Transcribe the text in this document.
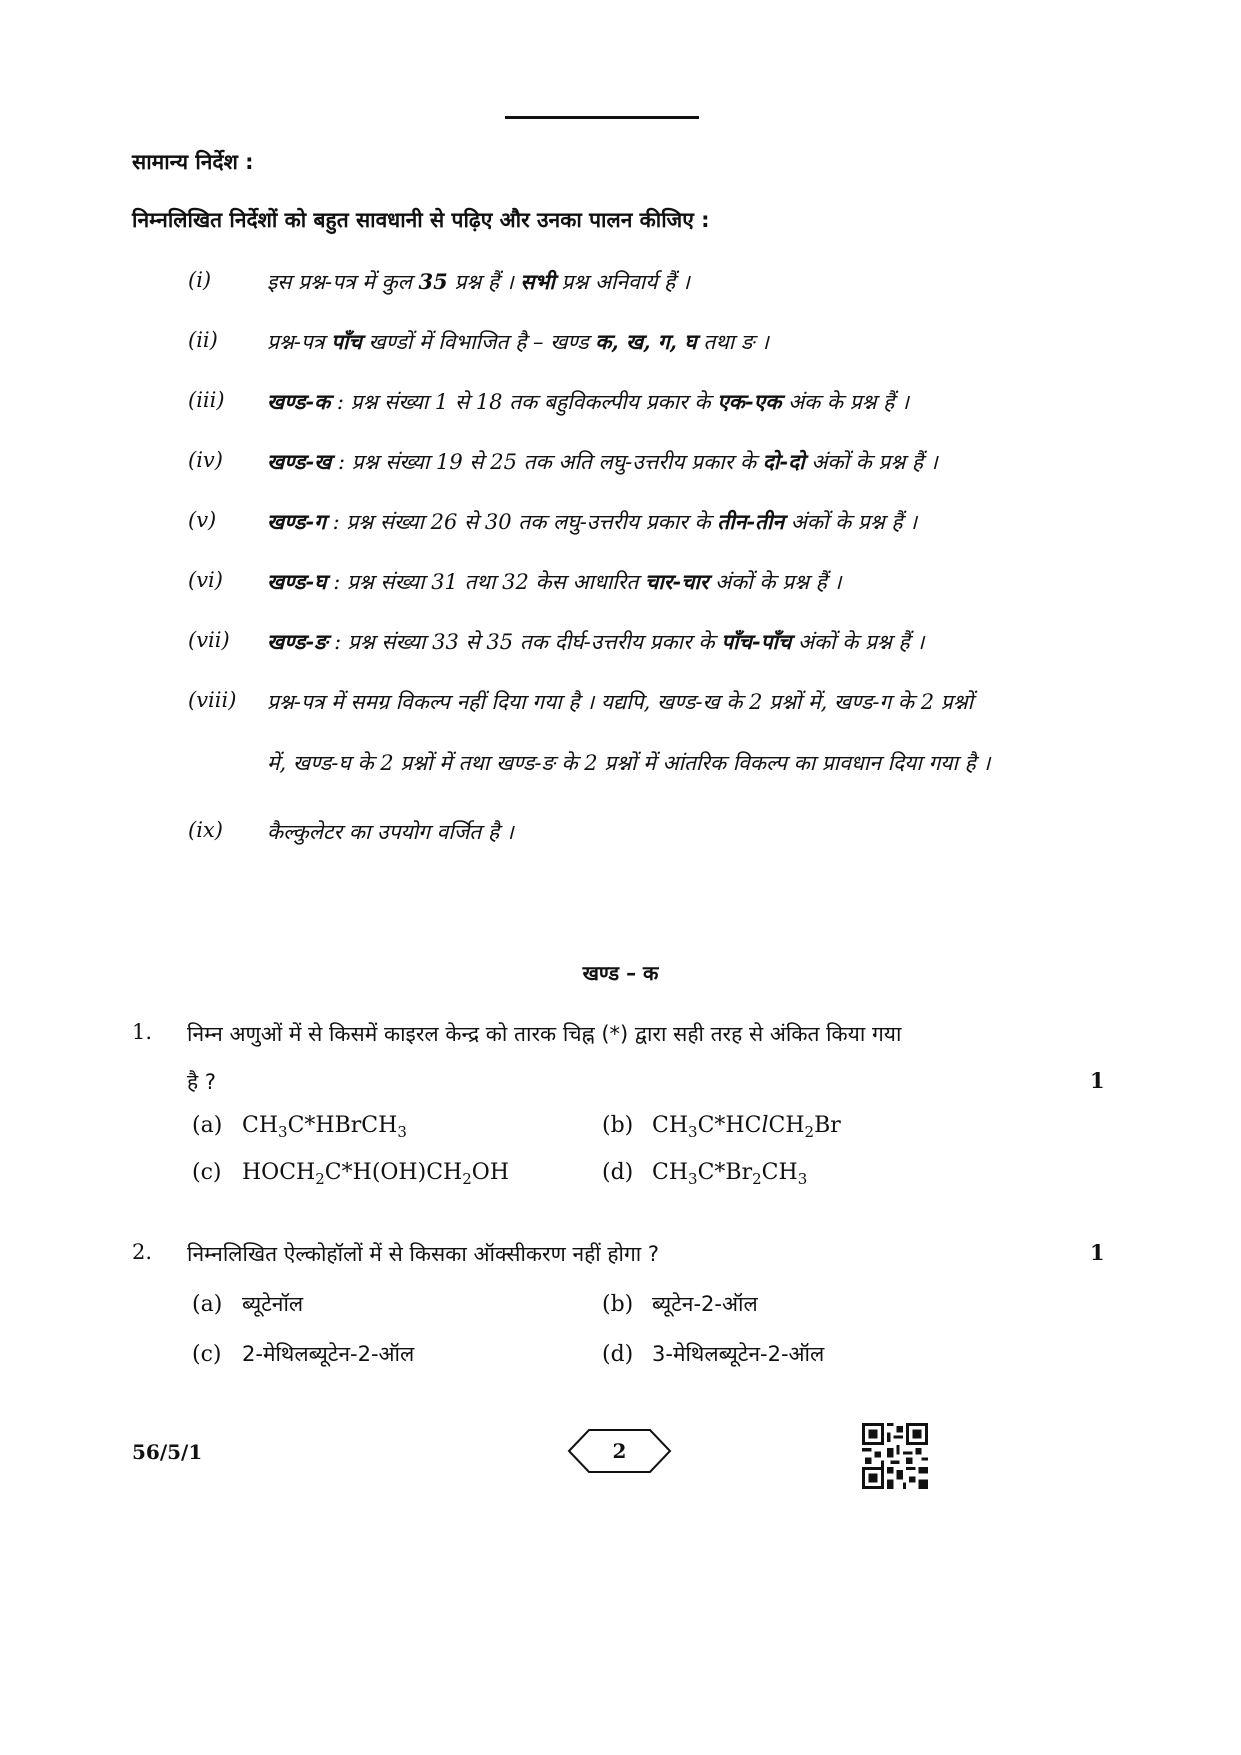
सामान्य निर्देश :
निम्नलिखित निर्देशों को बहुत सावधानी से पढ़िए और उनका पालन कीजिए :
(i)	इस प्रश्न-पत्र में कुल 35 प्रश्न हैं । सभी प्रश्न अनिवार्य हैं ।
(ii) प्रश्न-पत्र पाँच खण्डों में विभाजित है – खण्ड क, ख, ग, घ तथा ङ ।
(iii) खण्ड-क : प्रश्न संख्या 1 से 18 तक बहुविकल्पीय प्रकार के एक-एक अंक के प्रश्न हैं ।
(iv) खण्ड-ख : प्रश्न संख्या 19 से 25 तक अति लघु-उत्तरीय प्रकार के दो-दो अंकों के प्रश्न हैं ।
(v) खण्ड-ग : प्रश्न संख्या 26 से 30 तक लघु-उत्तरीय प्रकार के तीन-तीन अंकों के प्रश्न हैं ।
(vi) खण्ड-घ : प्रश्न संख्या 31 तथा 32 केस आधारित चार-चार अंकों के प्रश्न हैं ।
(vii) खण्ड-ङ : प्रश्न संख्या 33 से 35 तक दीर्घ-उत्तरीय प्रकार के पाँच-पाँच अंकों के प्रश्न हैं ।
(viii) प्रश्न-पत्र में समग्र विकल्प नहीं दिया गया है । यद्यपि, खण्ड-ख के 2 प्रश्नों में, खण्ड-ग के 2 प्रश्नों
में, खण्ड-घ के 2 प्रश्नों में तथा खण्ड-ङ के 2 प्रश्नों में आंतरिक विकल्प का प्रावधान दिया गया है ।
(ix) कैल्कुलेटर का उपयोग वर्जित है ।
खण्ड – क
1. निम्न अणुओं में से किसमें काइरल केन्द्र को तारक चिह्न (*) द्वारा सही तरह से अंकित किया गया
है ?	1
(a) $CH_3C*HBrCH_3$	(b) $CH_3C*HClCH_2Br$
(c) $HOCH_2C*H(OH)CH_2OH$	(d) $CH_3C*Br_2CH_3$
2. निम्नलिखित ऐल्कोहॉलों में से किसका ऑक्सीकरण नहीं होगा ?	1
(a) ब्यूटेनॉल	(b) ब्यूटेन-2-ऑल
(c) 2-मेथिलब्यूटेन-2-ऑल	(d) 3-मेथिलब्यूटेन-2-ऑल
56/5/1	2
